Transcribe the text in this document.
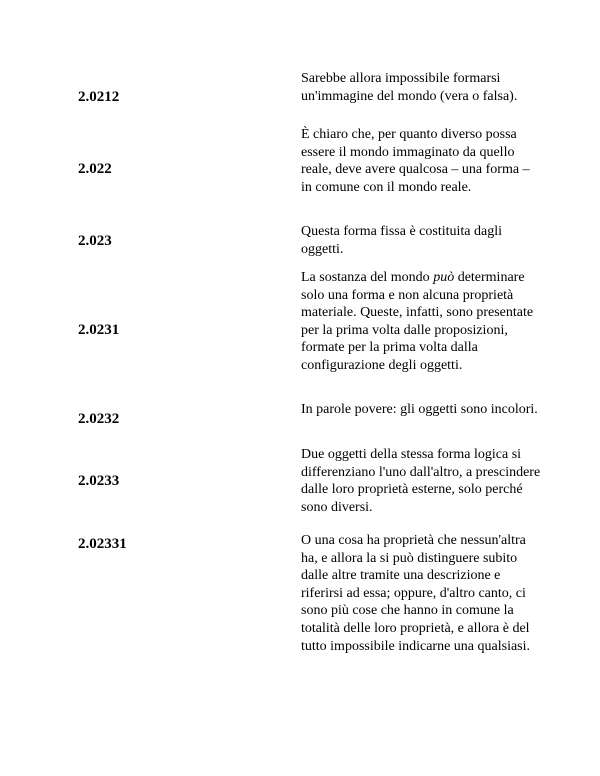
2.0212
Sarebbe allora impossibile formarsi un'immagine del mondo (vera o falsa).
2.022
È chiaro che, per quanto diverso possa essere il mondo immaginato da quello reale, deve avere qualcosa – una forma – in comune con il mondo reale.
2.023
Questa forma fissa è costituita dagli oggetti.
2.0231
La sostanza del mondo può determinare solo una forma e non alcuna proprietà materiale. Queste, infatti, sono presentate per la prima volta dalle proposizioni, formate per la prima volta dalla configurazione degli oggetti.
2.0232
In parole povere: gli oggetti sono incolori.
2.0233
Due oggetti della stessa forma logica si differenziano l'uno dall'altro, a prescindere dalle loro proprietà esterne, solo perché sono diversi.
2.02331	O una cosa ha proprietà che nessun'altra ha, e allora la si può distinguere subito dalle altre tramite una descrizione e riferirsi ad essa; oppure, d'altro canto, ci sono più cose che hanno in comune la totalità delle loro proprietà, e allora è del tutto impossibile indicarne una qualsiasi.
